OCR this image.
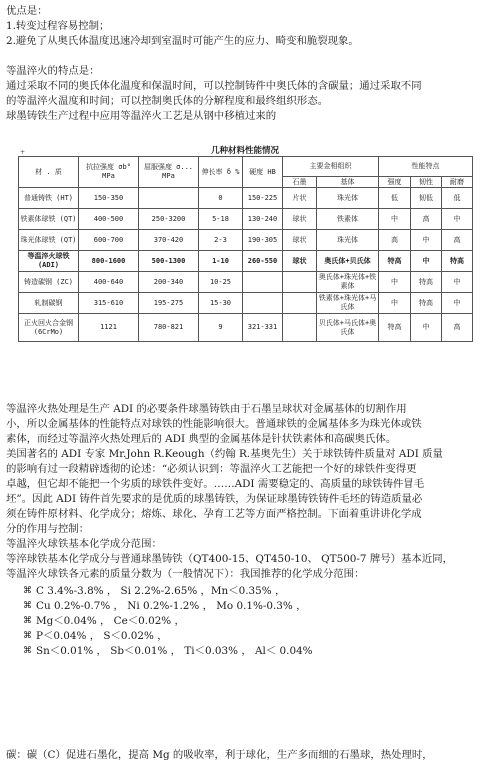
优点是：
1.转变过程容易控制；
2.避免了从奥氏体温度迅速冷却到室温时可能产生的应力、畸变和脆裂现象。
等温淬火的特点是：
通过采取不同的奥氏体化温度和保温时间，可以控制铸件中奥氏体的含碳量；通过采取不同
的等温淬火温度和时间；可以控制奥氏体的分解程度和最终组织形态。
球墨铸铁生产过程中应用等温淬火工艺是从钢中移植过来的
+	几种材料性能情况
材 . 质	抗拉强度 σb° MPa	屈服强度 σ... MPa	伸长率 δ %	硬度 HB	主要金相组织		性能特点		
					石墨	基体	强度	韧性	耐磨
普通铸铁 (HT)	150-350		0	150-225	片状	珠光体	低	韧低	低
铁素体球铁 (QT)	400-500	250-3200	5-18	130-240	球状	铁素体	中	高	中
珠光体球铁 (QT)	600-700	370-420	2-3	190-305	球状	珠光体	高	中	高
等温淬火球铁 (ADI)	800-1600	500-1300	1-10	260-550	球状	奥氏体+贝氏体	特高	中	特高
铸造碳钢 (ZC)	400-640	200-340	10-25			奥氏体+珠光体+铁素体	中	特高	中
轧制碳钢	315-610	195-275	15-30			铁素体+珠光体+马氏体	中	特高	中
正火回火合金钢 (6CrMo)	1121	780-821	9	321-331		贝氏体+马氏体+奥氏体	特高	中	高
等温淬火热处理是生产 ADI 的必要条件球墨铸铁由于石墨呈球状对金属基体的切割作用
小，所以金属基体的性能特点对球铁的性能影响很大。普通球铁的金属基体多为珠光体或铁
素体，而经过等温淬火热处理后的 ADI 典型的金属基体是针状铁素体和高碳奥氏体。
美国著名的 ADI 专家 Mr.John R.Keough（约翰 R.基奥先生）关于球铁铸件质量对 ADI 质量
的影响有过一段精辟透彻的论述：“必须认识到：等温淬火工艺能把一个好的球铁件变得更
卓越，但它却不能把一个劣质的球铁件变好。……ADI 需要稳定的、高质量的球铁铸件冒毛
坯”。因此 ADI 铸件首先要求的是优质的球墨铸铁，为保证球墨铸铁铸件毛坯的铸造质量必
须在铸件原材料、化学成分；熔炼、球化、孕育工艺等方面严格控制。下面着重讲讲化学成
分的作用与控制：
等温淬火球铁基本化学成分范围：
等淬球铁基本化学成分与普通球墨铸铁（QT400-15、QT450-10、 QT500-7 牌号）基本近同，
等温淬火球铁各元素的质量分数为（一般情况下）：我国推荐的化学成分范围：
⌘ C 3.4%-3.8% ， Si 2.2%-2.65% ，Mn＜0.35% ，
⌘ Cu 0.2%-0.7% ， Ni 0.2%-1.2% ， Mo 0.1%-0.3% ，
⌘ Mg＜0.04% ， Ce＜0.02% ，
⌘ P＜0.04% ， S＜0.02% ，
⌘ Sn＜0.01% ， Sb＜0.01% ， Ti＜0.03% ， Al＜ 0.04%
碳：碳（C）促进石墨化，提高 Mg 的吸收率，利于球化，生产多而细的石墨球，热处理时，
